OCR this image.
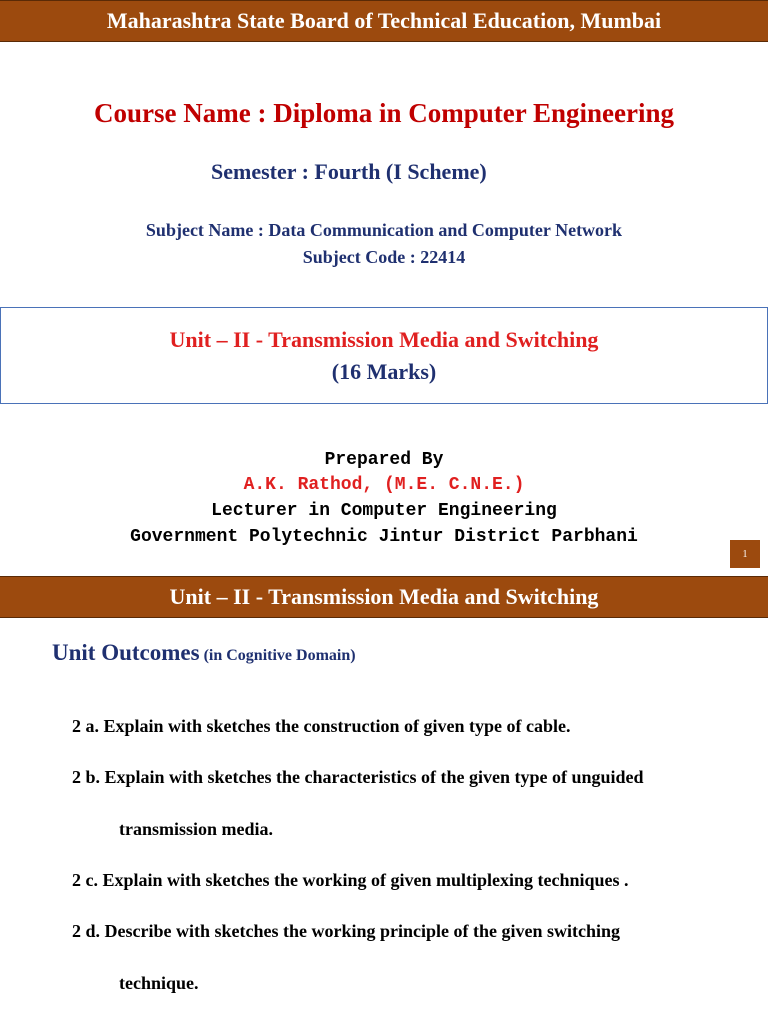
Maharashtra State Board of Technical Education, Mumbai
Course Name : Diploma in Computer Engineering
Semester : Fourth (I Scheme)
Subject Name : Data Communication and Computer Network
Subject Code : 22414
Unit – II - Transmission Media and Switching
(16 Marks)
Prepared By
A.K. Rathod, (M.E. C.N.E.)
Lecturer in Computer Engineering
Government Polytechnic Jintur District Parbhani
1
Unit – II - Transmission Media and Switching
Unit Outcomes (in Cognitive Domain)
2 a. Explain with sketches the construction of given type of cable.
2 b. Explain with sketches the characteristics of the given type of unguided
transmission media.
2 c. Explain with sketches the working of given multiplexing techniques .
2 d. Describe with sketches the working principle of the given switching
technique.
